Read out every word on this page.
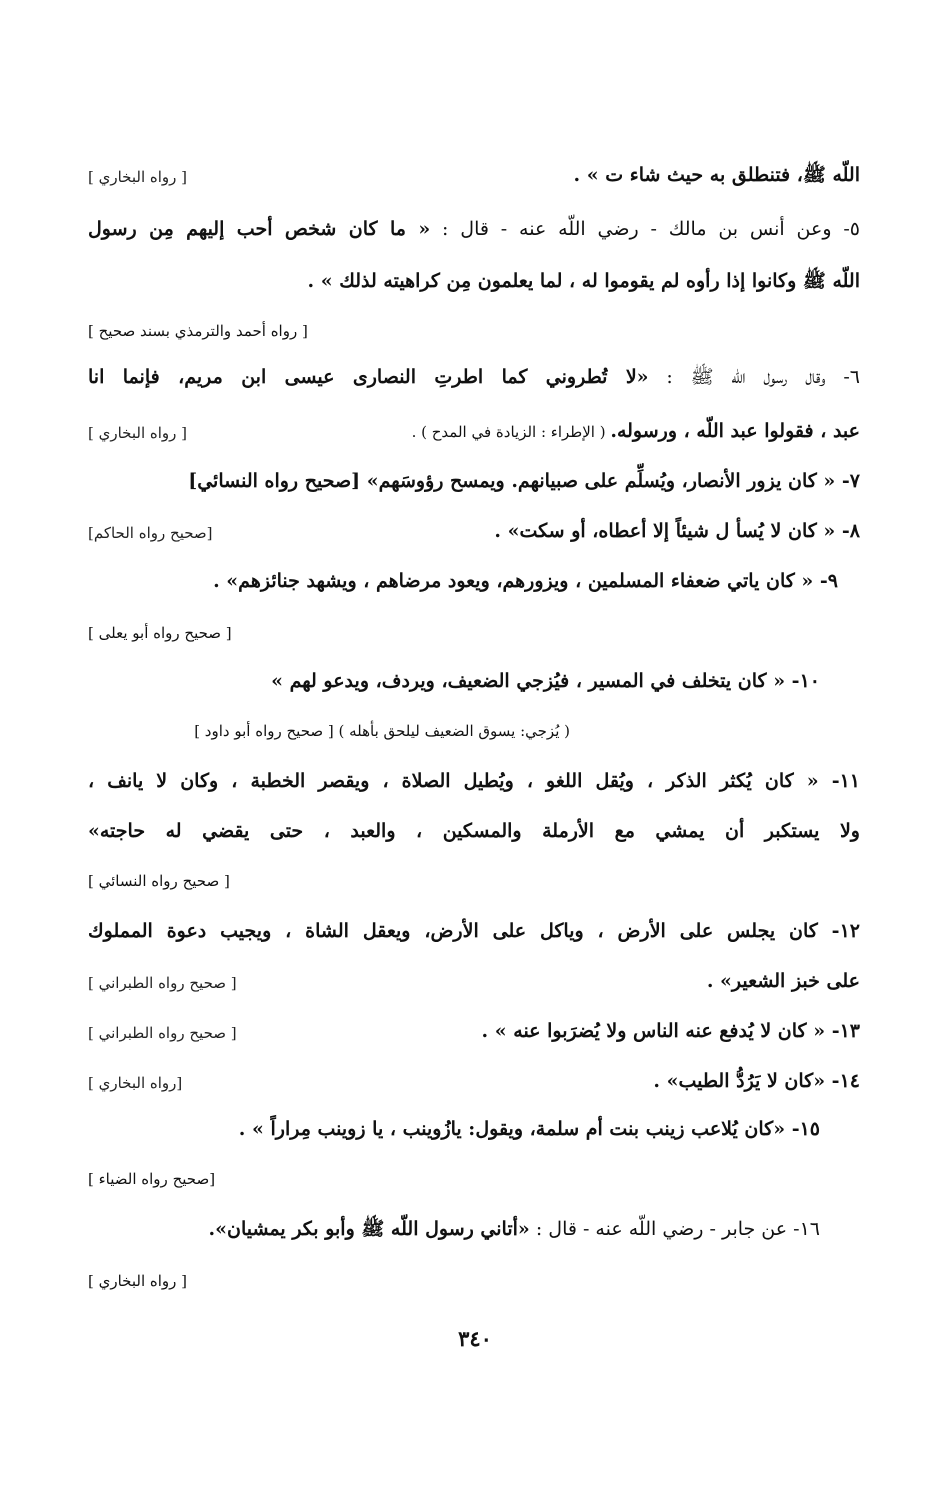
اللّه ﷺ، فتنطلق به حيث شاء ت » .
[ رواه البخاري ]
٥- وعن أنس بن مالك - رضي اللّه عنه - قال : « ما كان شخص أحب إليهم مِن رسول
اللّه ﷺ وكانوا إذا رأوه لم يقوموا له ، لما يعلمون مِن كراهيته لذلك » .
[ رواه أحمد والترمذي بسند صحيح ]
٦- وقال رسول اللّه ﷺ : «لا تُطروني كما اطرتِ النصارى عيسى ابن مريم، فإنما انا
عبد ، فقولوا عبد اللّه ، ورسوله. ( الإطراء : الزيادة في المدح ) .
[ رواه البخاري ]
٧- « كان يزور الأنصار، ويُسلِّم على صبيانهم. ويمسح رؤوسَهم» [صحيح رواه النسائي]
٨- « كان لا يُسأ ل شيئاً إلا أعطاه، أو سكت» .
[صحيح رواه الحاكم]
٩- « كان ياتي ضعفاء المسلمين ، ويزورهم، ويعود مرضاهم ، ويشهد جنائزهم» .
[ صحيح رواه أبو يعلى ]
١٠- « كان يتخلف في المسير ، فيُزجي الضعيف، ويردف، ويدعو لهم »
( يُزجي: يسوق الضعيف ليلحق بأهله ) [ صحيح رواه أبو داود ]
١١- « كان يُكثر الذكر ، ويُقل اللغو ، ويُطيل الصلاة ، ويقصر الخطبة ، وكان لا يانف ،
ولا يستكبر أن يمشي مع الأرملة والمسكين ، والعبد ، حتى يقضي له حاجته»
[ صحيح رواه النسائي ]
١٢- كان يجلس على الأرض ، وياكل على الأرض، ويعقل الشاة ، ويجيب دعوة المملوك
على خبز الشعير» .
[ صحيح رواه الطبراني ]
١٣- « كان لا يُدفع عنه الناس ولا يُضرَبوا عنه » .
[ صحيح رواه الطبراني ]
١٤- «كان لا يَرُدُّ الطيب» .
[رواه البخاري ]
١٥- «كان يُلاعب زينب بنت أم سلمة، ويقول: يازُوينب ، يا زوينب مِراراً » .
[صحيح رواه الضياء ]
١٦- عن جابر - رضي اللّه عنه - قال : «أتاني رسول اللّه ﷺ وأبو بكر يمشيان».
[ رواه البخاري ]
٣٤٠
